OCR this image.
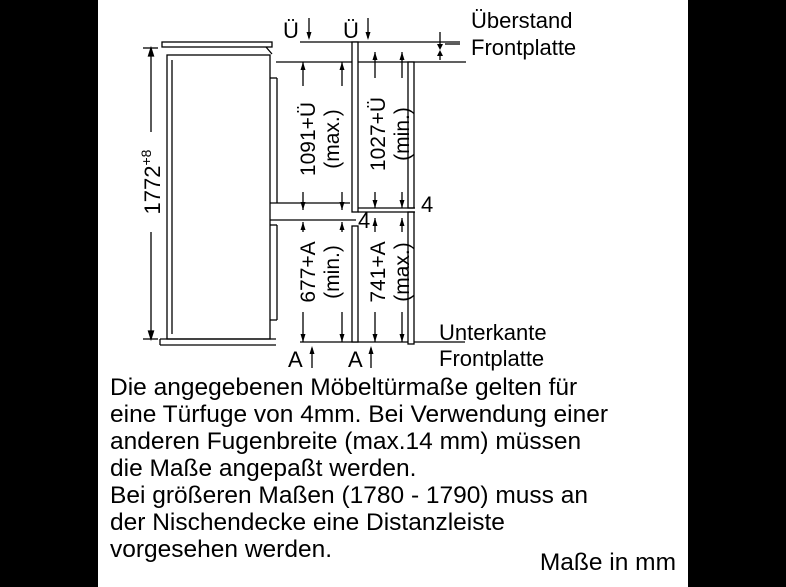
Überstand
Frontplatte
Unterkante
Frontplatte
Ü Ü
A A
4
4
$1772^{+8}$	1091+Ü (max.) 1027+Ü (min.)
677+A (min.) 741+A (max.)
Die angegebenen Möbeltürmaße gelten für
eine Türfuge von 4mm. Bei Verwendung einer
anderen Fugenbreite (max.14 mm) müssen
die Maße angepaßt werden.
Bei größeren Maßen (1780 - 1790) muss an
der Nischendecke eine Distanzleiste
vorgesehen werden.	Maße in mm
